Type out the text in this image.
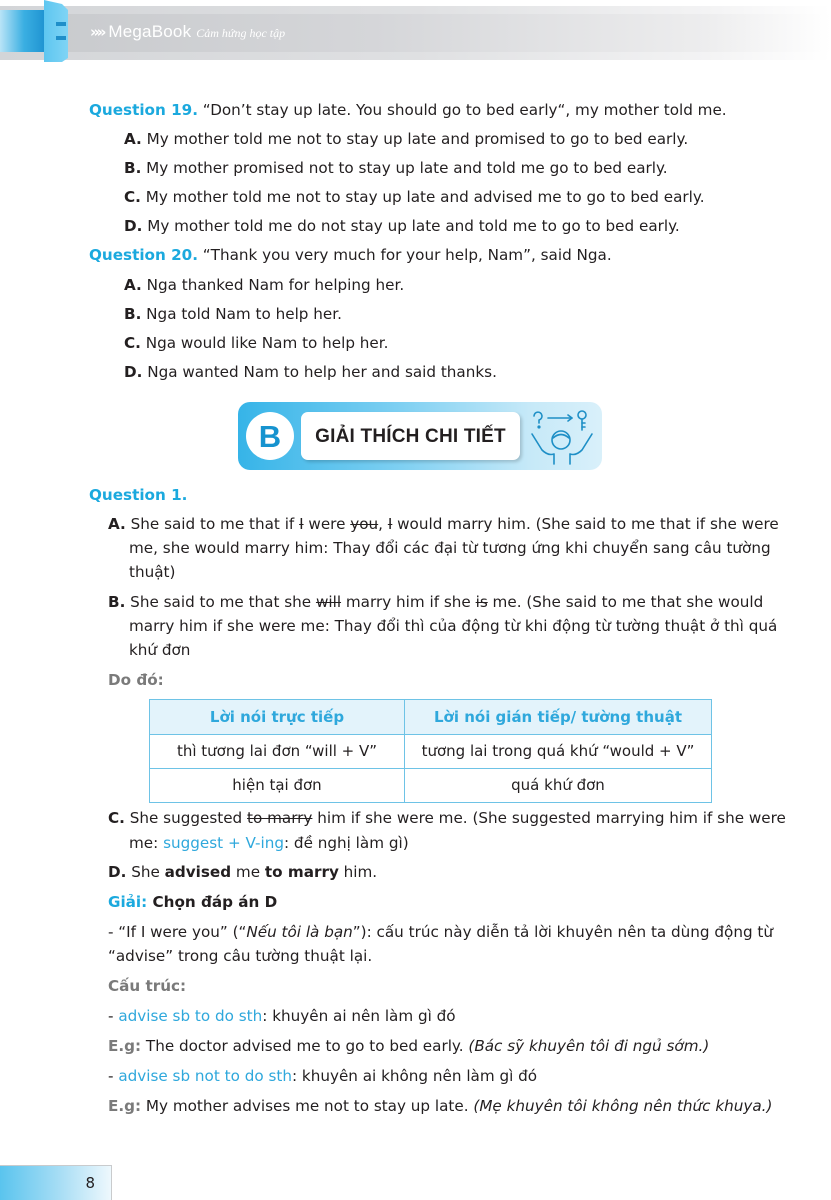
»» MegaBook Cảm hứng học tập
Question 19. “Don’t stay up late. You should go to bed early“, my mother told me.
A. My mother told me not to stay up late and promised to go to bed early.
B. My mother promised not to stay up late and told me go to bed early.
C. My mother told me not to stay up late and advised me to go to bed early.
D. My mother told me do not stay up late and told me to go to bed early.
Question 20. “Thank you very much for your help, Nam”, said Nga.
A. Nga thanked Nam for helping her.
B. Nga told Nam to help her.
C. Nga would like Nam to help her.
D. Nga wanted Nam to help her and said thanks.
B GIẢI THÍCH CHI TIẾT
Question 1.
A. She said to me that if I were you, I would marry him. (She said to me that if she were
me, she would marry him: Thay đổi các đại từ tương ứng khi chuyển sang câu tường
thuật)
B. She said to me that she will marry him if she is me. (She said to me that she would
marry him if she were me: Thay đổi thì của động từ khi động từ tường thuật ở thì quá
khứ đơn
Do đó:
Lời nói trực tiếp	Lời nói gián tiếp/ tường thuật
thì tương lai đơn “will + V”	tương lai trong quá khứ “would + V”
hiện tại đơn	quá khứ đơn
C. She suggested to marry him if she were me. (She suggested marrying him if she were
me: suggest + V-ing: đề nghị làm gì)
D. She advised me to marry him.
Giải: Chọn đáp án D
- “If I were you” (“Nếu tôi là bạn”): cấu trúc này diễn tả lời khuyên nên ta dùng động từ
“advise” trong câu tường thuật lại.
Cấu trúc:
- advise sb to do sth: khuyên ai nên làm gì đó
E.g: The doctor advised me to go to bed early. (Bác sỹ khuyên tôi đi ngủ sớm.)
- advise sb not to do sth: khuyên ai không nên làm gì đó
E.g: My mother advises me not to stay up late. (Mẹ khuyên tôi không nên thức khuya.)
8
